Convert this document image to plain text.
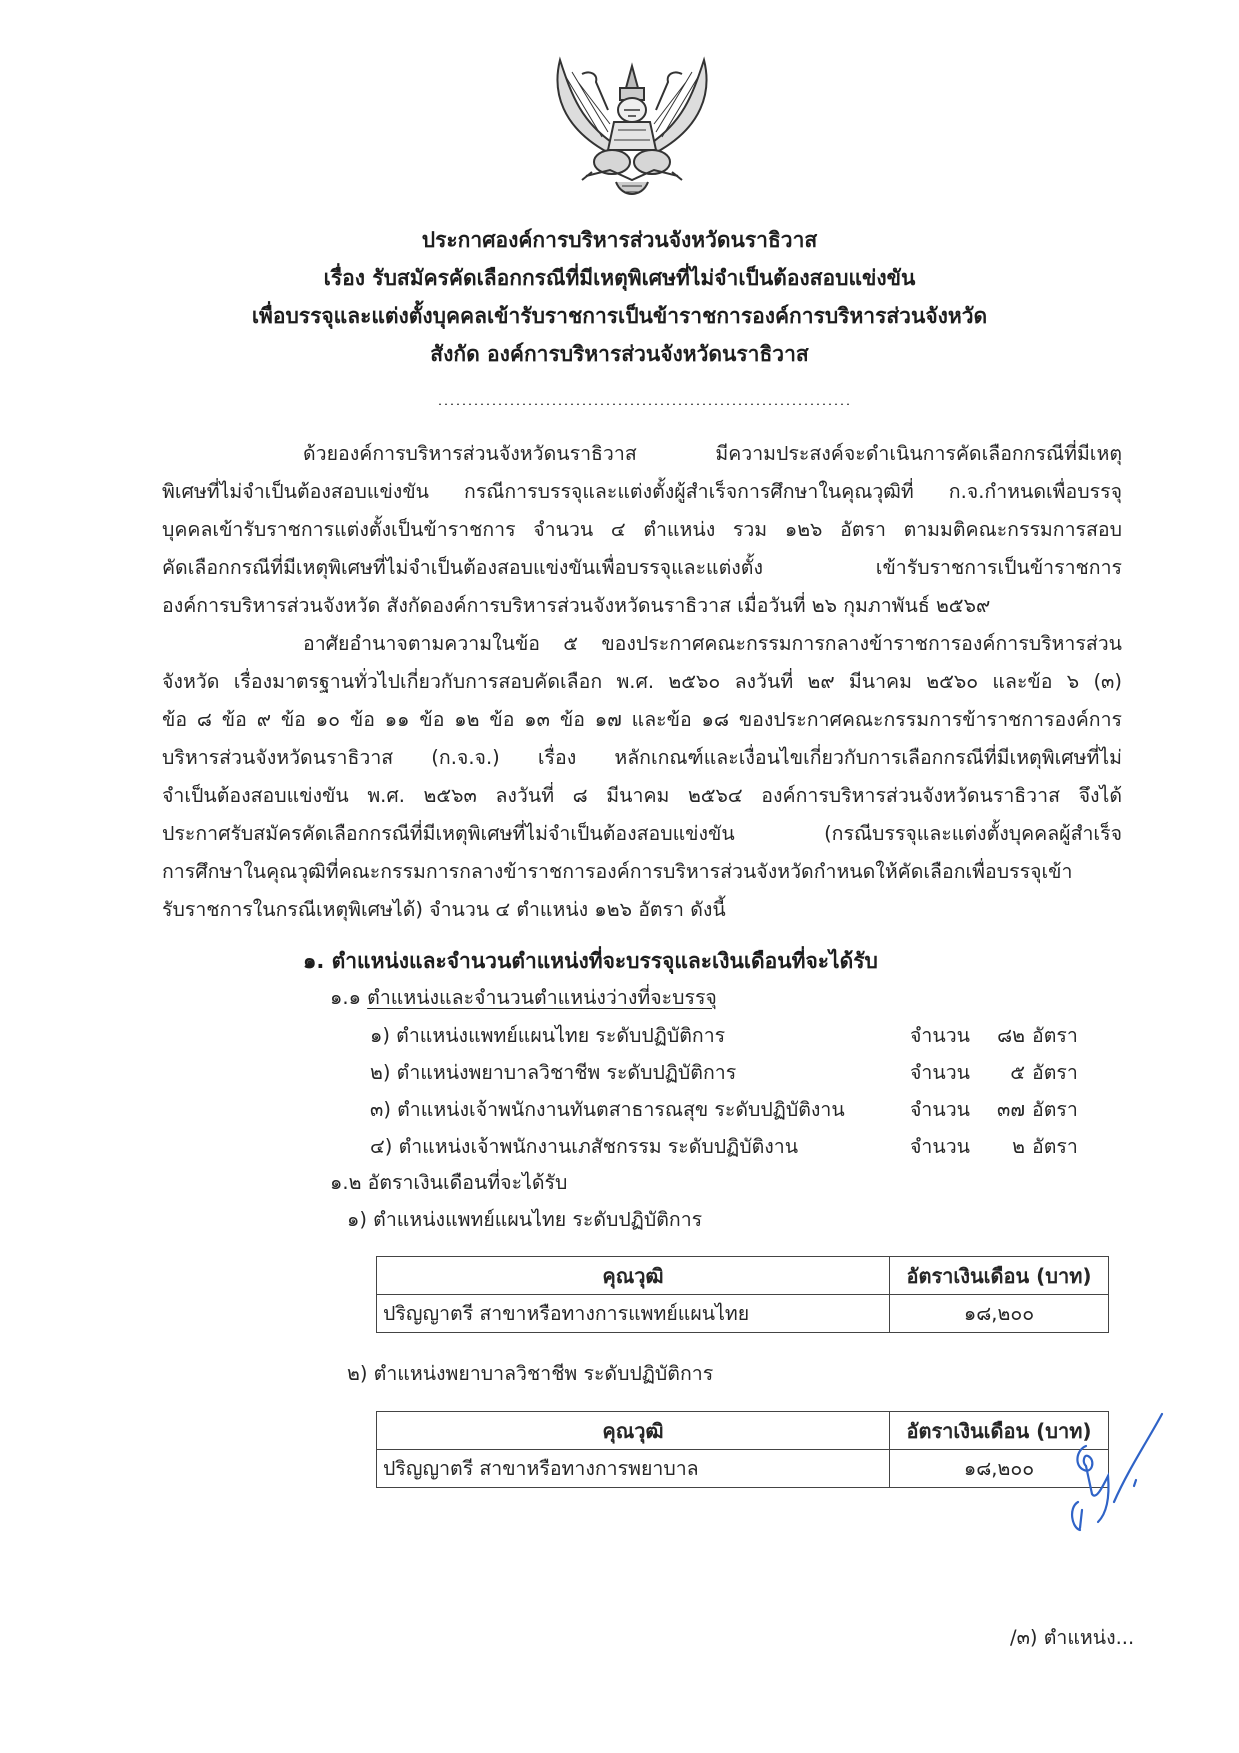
ประกาศองค์การบริหารส่วนจังหวัดนราธิวาส
เรื่อง รับสมัครคัดเลือกกรณีที่มีเหตุพิเศษที่ไม่จำเป็นต้องสอบแข่งขัน
เพื่อบรรจุและแต่งตั้งบุคคลเข้ารับราชการเป็นข้าราชการองค์การบริหารส่วนจังหวัด
สังกัด องค์การบริหารส่วนจังหวัดนราธิวาส
ด้วยองค์การบริหารส่วนจังหวัดนราธิวาส มีความประสงค์จะดำเนินการคัดเลือกกรณีที่มีเหตุ
พิเศษที่ไม่จำเป็นต้องสอบแข่งขัน กรณีการบรรจุและแต่งตั้งผู้สำเร็จการศึกษาในคุณวุฒิที่ ก.จ.กำหนดเพื่อบรรจุ
บุคคลเข้ารับราชการแต่งตั้งเป็นข้าราชการ จำนวน ๔ ตำแหน่ง รวม ๑๒๖ อัตรา ตามมติคณะกรรมการสอบ
คัดเลือกกรณีที่มีเหตุพิเศษที่ไม่จำเป็นต้องสอบแข่งขันเพื่อบรรจุและแต่งตั้ง เข้ารับราชการเป็นข้าราชการ
องค์การบริหารส่วนจังหวัด สังกัดองค์การบริหารส่วนจังหวัดนราธิวาส เมื่อวันที่ ๒๖ กุมภาพันธ์ ๒๕๖๙
อาศัยอำนาจตามความในข้อ ๕ ของประกาศคณะกรรมการกลางข้าราชการองค์การบริหารส่วน
จังหวัด เรื่องมาตรฐานทั่วไปเกี่ยวกับการสอบคัดเลือก พ.ศ. ๒๕๖๐ ลงวันที่ ๒๙ มีนาคม ๒๕๖๐ และข้อ ๖ (๓)
ข้อ ๘ ข้อ ๙ ข้อ ๑๐ ข้อ ๑๑ ข้อ ๑๒ ข้อ ๑๓ ข้อ ๑๗ และข้อ ๑๘ ของประกาศคณะกรรมการข้าราชการองค์การ
บริหารส่วนจังหวัดนราธิวาส (ก.จ.จ.) เรื่อง หลักเกณฑ์และเงื่อนไขเกี่ยวกับการเลือกกรณีที่มีเหตุพิเศษที่ไม่
จำเป็นต้องสอบแข่งขัน พ.ศ. ๒๕๖๓ ลงวันที่ ๘ มีนาคม ๒๕๖๔ องค์การบริหารส่วนจังหวัดนราธิวาส จึงได้
ประกาศรับสมัครคัดเลือกกรณีที่มีเหตุพิเศษที่ไม่จำเป็นต้องสอบแข่งขัน (กรณีบรรจุและแต่งตั้งบุคคลผู้สำเร็จ
การศึกษาในคุณวุฒิที่คณะกรรมการกลางข้าราชการองค์การบริหารส่วนจังหวัดกำหนดให้คัดเลือกเพื่อบรรจุเข้า
รับราชการในกรณีเหตุพิเศษได้) จำนวน ๔ ตำแหน่ง ๑๒๖ อัตรา ดังนี้
๑. ตำแหน่งและจำนวนตำแหน่งที่จะบรรจุและเงินเดือนที่จะได้รับ
๑.๑ ตำแหน่งและจำนวนตำแหน่งว่างที่จะบรรจุ
๑) ตำแหน่งแพทย์แผนไทย ระดับปฏิบัติการ	จำนวน	๘๒ อัตรา
๒) ตำแหน่งพยาบาลวิชาชีพ ระดับปฏิบัติการ	จำนวน	๕ อัตรา
๓) ตำแหน่งเจ้าพนักงานทันตสาธารณสุข ระดับปฏิบัติงาน	จำนวน	๓๗ อัตรา
๔) ตำแหน่งเจ้าพนักงานเภสัชกรรม ระดับปฏิบัติงาน	จำนวน	๒ อัตรา
๑.๒ อัตราเงินเดือนที่จะได้รับ
๑) ตำแหน่งแพทย์แผนไทย ระดับปฏิบัติการ
คุณวุฒิ	อัตราเงินเดือน (บาท)
ปริญญาตรี สาขาหรือทางการแพทย์แผนไทย	๑๘,๒๐๐
๒) ตำแหน่งพยาบาลวิชาชีพ ระดับปฏิบัติการ
คุณวุฒิ	อัตราเงินเดือน (บาท)
ปริญญาตรี สาขาหรือทางการพยาบาล	๑๘,๒๐๐
/๓) ตำแหน่ง...
